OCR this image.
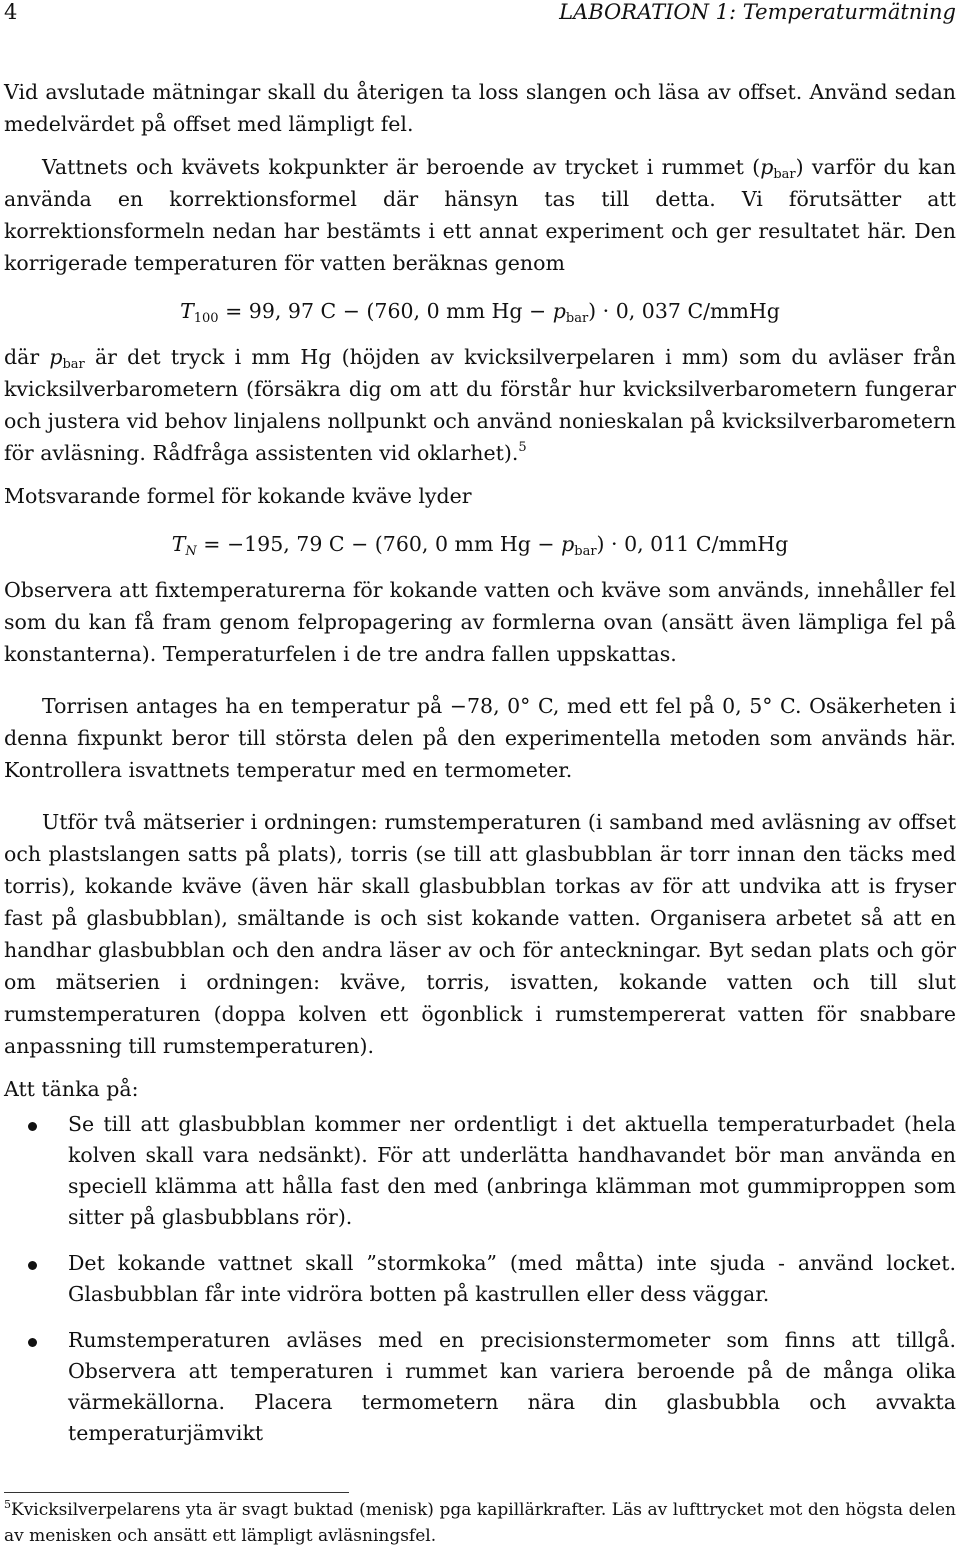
4	LABORATION 1: Temperaturmätning

Vid avslutade mätningar skall du återigen ta loss slangen och läsa av offset. Använd sedan medelvärdet på offset med lämpligt fel.

Vattnets och kvävets kokpunkter är beroende av trycket i rummet $(p_{bar})$ varför du kan använda en korrektionsformel där hänsyn tas till detta. Vi förutsätter att korrektionsformeln nedan har bestämts i ett annat experiment och ger resultatet här. Den korrigerade temperaturen för vatten beräknas genom

$T_{100} = 99$, 97 C − (760, 0 mm $Hg - p_{bar}) \cdot 0$, 037 C/mmHg

där $p_{bar}$ är det tryck i mm Hg (höjden av kvicksilverpelaren i mm) som du avläser från kvicksilverbarometern (försäkra dig om att du förstår hur kvicksilverbarometern fungerar och justera vid behov linjalens nollpunkt och använd nonieskalan på kvicksilverbarometern för avläsning. Rådfråga assistenten vid oklarhet).$^5$

Motsvarande formel för kokande kväve lyder

$T_N = -195$, 79 C − (760, 0 mm $Hg - p_{bar}) \cdot 0$, 011 C/mmHg

Observera att fixtemperaturerna för kokande vatten och kväve som används, innehåller fel som du kan få fram genom felpropagering av formlerna ovan (ansätt även lämpliga fel på konstanterna). Temperaturfelen i de tre andra fallen uppskattas.

Torrisen antages ha en temperatur på −78, 0° C, med ett fel på 0, 5° C. Osäkerheten i denna fixpunkt beror till största delen på den experimentella metoden som används här. Kontrollera isvattnets temperatur med en termometer.

Utför två mätserier i ordningen: rumstemperaturen (i samband med avläsning av offset och plastslangen satts på plats), torris (se till att glasbubblan är torr innan den täcks med torris), kokande kväve (även här skall glasbubblan torkas av för att undvika att is fryser fast på glasbubblan), smältande is och sist kokande vatten. Organisera arbetet så att en handhar glasbubblan och den andra läser av och för anteckningar. Byt sedan plats och gör om mätserien i ordningen: kväve, torris, isvatten, kokande vatten och till slut rumstemperaturen (doppa kolven ett ögonblick i rumstempererat vatten för snabbare anpassning till rumstemperaturen).

Att tänka på:

Se till att glasbubblan kommer ner ordentligt i det aktuella temperaturbadet (hela kolven skall vara nedsänkt). För att underlätta handhavandet bör man använda en speciell klämma att hålla fast den med (anbringa klämman mot gummiproppen som sitter på glasbubblans rör).
Det kokande vattnet skall ”stormkoka” (med måtta) inte sjuda - använd locket. Glasbubblan får inte vidröra botten på kastrullen eller dess väggar.
Rumstemperaturen avläses med en precisionstermometer som finns att tillgå. Observera att temperaturen i rummet kan variera beroende på de många olika värmekällorna. Placera termometern nära din glasbubbla och avvakta temperaturjämvikt
$^5$Kvicksilverpelarens yta är svagt buktad (menisk) pga kapillärkrafter. Läs av lufttrycket mot den högsta delen av menisken och ansätt ett lämpligt avläsningsfel.
